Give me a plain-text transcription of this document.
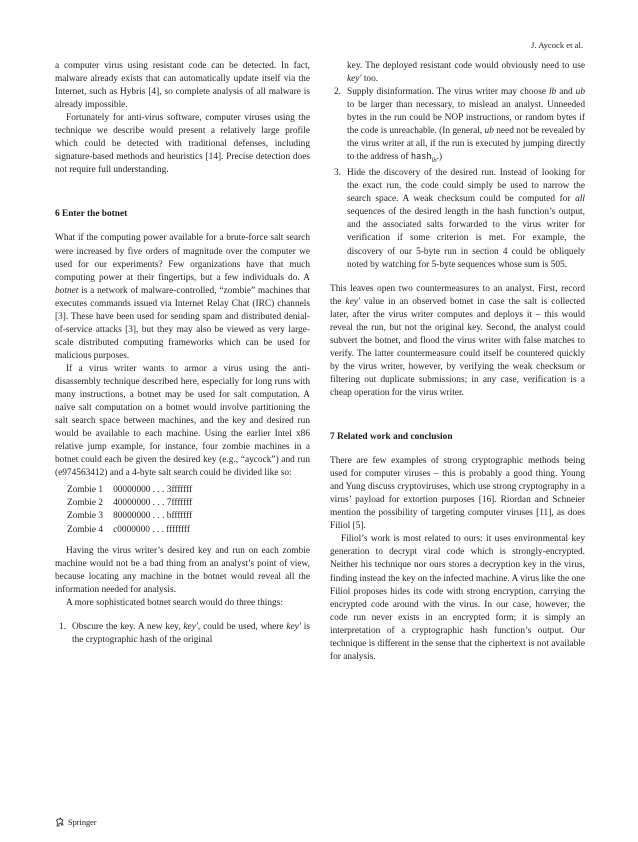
J. Aycock et al.

a computer virus using resistant code can be detected. In fact, malware already exists that can automatically update itself via the Internet, such as Hybris [4], so complete analysis of all malware is already impossible.

Fortunately for anti-virus software, computer viruses using the technique we describe would present a relatively large profile which could be detected with traditional defenses, including signature-based methods and heuristics [14]. Precise detection does not require full understanding.

6 Enter the botnet

What if the computing power available for a brute-force salt search were increased by five orders of magnitude over the computer we used for our experiments? Few organizations have that much computing power at their fingertips, but a few individuals do. A botnet is a network of malware-controlled, “zombie” machines that executes commands issued via Internet Relay Chat (IRC) channels [3]. These have been used for sending spam and distributed denial-of-service attacks [3], but they may also be viewed as very large-scale distributed computing frameworks which can be used for malicious purposes.

If a virus writer wants to armor a virus using the anti-disassembly technique described here, especially for long runs with many instructions, a botnet may be used for salt computation. A naïve salt computation on a botnet would involve partitioning the salt search space between machines, and the key and desired run would be available to each machine. Using the earlier Intel x86 relative jump example, for instance, four zombie machines in a botnet could each be given the desired key (e.g., “aycock”) and run (e974563412) and a 4-byte salt search could be divided like so:

Zombie 1	00000000 . . . 3fffffff
Zombie 2	40000000 . . . 7fffffff
Zombie 3	80000000 . . . bfffffff
Zombie 4	c0000000 . . . ffffffff

Having the virus writer’s desired key and run on each zombie machine would not be a bad thing from an analyst’s point of view, because locating any machine in the botnet would reveal all the information needed for analysis.

A more sophisticated botnet search would do three things:

1. Obscure the key. A new key, key′, could be used, where key′ is the cryptographic hash of the original
key. The deployed resistant code would obviously need to use key′ too.
2. Supply disinformation. The virus writer may choose lb and ub to be larger than necessary, to mislead an analyst. Unneeded bytes in the run could be NOP instructions, or random bytes if the code is unreachable. (In general, ub need not be revealed by the virus writer at all, if the run is executed by jumping directly to the address of hash$_{lb}$.)
3. Hide the discovery of the desired run. Instead of looking for the exact run, the code could simply be used to narrow the search space. A weak checksum could be computed for all sequences of the desired length in the hash function’s output, and the associated salts forwarded to the virus writer for verification if some criterion is met. For example, the discovery of our 5-byte run in section 4 could be obliquely noted by watching for 5-byte sequences whose sum is 505.

This leaves open two countermeasures to an analyst. First, record the key′ value in an observed botnet in case the salt is collected later, after the virus writer computes and deploys it – this would reveal the run, but not the original key. Second, the analyst could subvert the botnet, and flood the virus writer with false matches to verify. The latter countermeasure could itself be countered quickly by the virus writer, however, by verifying the weak checksum or filtering out duplicate submissions; in any case, verification is a cheap operation for the virus writer.

7 Related work and conclusion

There are few examples of strong cryptographic methods being used for computer viruses – this is probably a good thing. Young and Yung discuss cryptoviruses, which use strong cryptography in a virus’ payload for extortion purposes [16]. Riordan and Schneier mention the possibility of targeting computer viruses [11], as does Filiol [5].

Filiol’s work is most related to ours: it uses environmental key generation to decrypt viral code which is strongly-encrypted. Neither his technique nor ours stores a decryption key in the virus, finding instead the key on the infected machine. A virus like the one Filiol proposes hides its code with strong encryption, carrying the encrypted code around with the virus. In our case, however, the code run never exists in an encrypted form; it is simply an interpretation of a cryptographic hash function’s output. Our technique is different in the sense that the ciphertext is not available for analysis.

Springer
